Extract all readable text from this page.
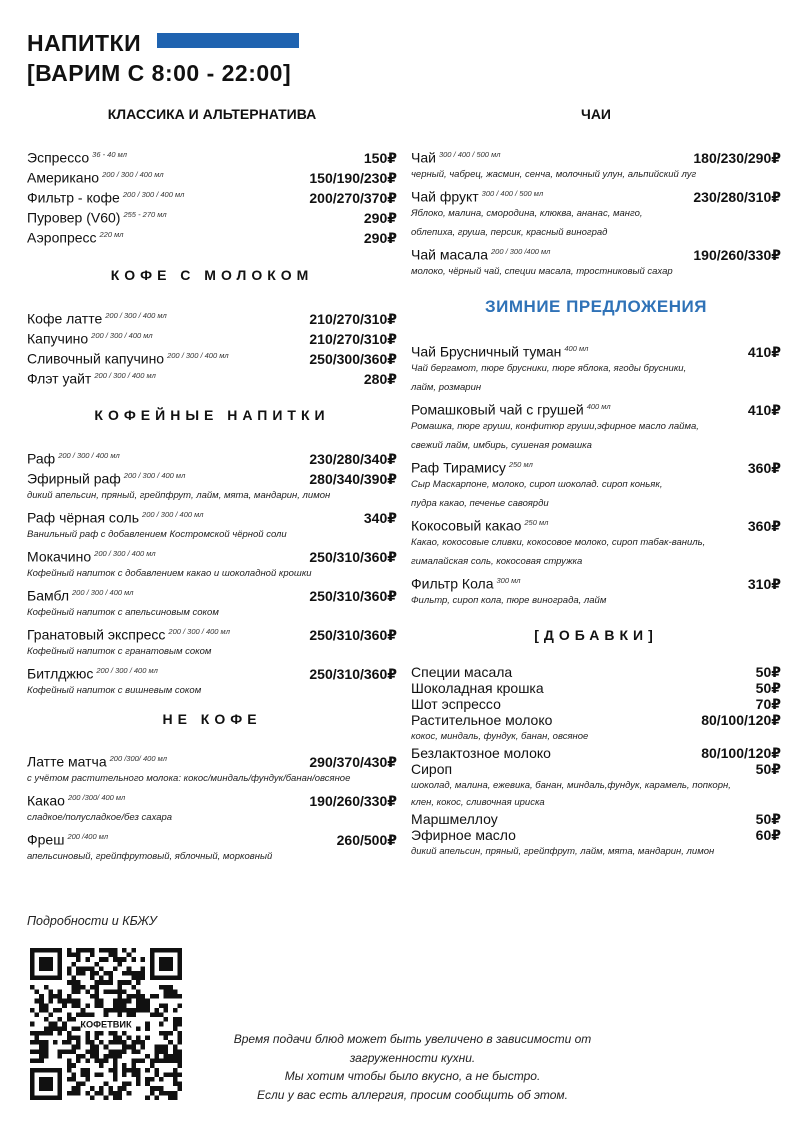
НАПИТКИ
[ВАРИМ С 8:00 - 22:00]
КЛАССИКА И АЛЬТЕРНАТИВА
Эспрессо $^{36 - 40 мл}$	150₽
Американо $^{200 / 300 / 400 мл}$	150/190/230₽
Фильтр - кофе $^{200 / 300 / 400 мл}$	200/270/370₽
Пуровер (V60) $^{255 - 270 мл}$	290₽
Аэропресс $^{220 мл}$	290₽
КОФЕ С МОЛОКОМ
Кофе латте $^{200 / 300 / 400 мл}$	210/270/310₽
Капучино $^{200 / 300 / 400 мл}$	210/270/310₽
Сливочный капучино $^{200 / 300 / 400 мл}$	250/300/360₽
Флэт уайт $^{200 / 300 / 400 мл}$	280₽
КОФЕЙНЫЕ НАПИТКИ
Раф $^{200 / 300 / 400 мл}$	230/280/340₽
Эфирный раф $^{200 / 300 / 400 мл}$	280/340/390₽
дикий апельсин, пряный, грейпфрут, лайм, мята, мандарин, лимон
Раф чёрная соль $^{200 / 300 / 400 мл}$	340₽
Ванильный раф с добавлением Костромской чёрной соли
Мокачино $^{200 / 300 / 400 мл}$	250/310/360₽
Кофейный напиток с добавлением какао и шоколадной крошки
Бамбл $^{200 / 300 / 400 мл}$	250/310/360₽
Кофейный напиток с апельсиновым соком
Гранатовый экспресс $^{200 / 300 / 400 мл}$	250/310/360₽
Кофейный напиток с гранатовым соком
Битлджюс $^{200 / 300 / 400 мл}$	250/310/360₽
Кофейный напиток с вишневым соком
НЕ КОФЕ
Латте матча $^{200 /300/ 400 мл}$	290/370/430₽
с учётом растительного молока: кокос/миндаль/фундук/банан/овсяное
Какао $^{200 /300/ 400 мл}$	190/260/330₽
сладкое/полусладкое/без сахара
Фреш $^{200 /400 мл}$	260/500₽
апельсиновый, грейпфрутовый, яблочный, морковный
ЧАИ
Чай $^{300 / 400 / 500 мл}$	180/230/290₽
черный, чабрец, жасмин, сенча, молочный улун, альпийский луг
Чай фрукт $^{300 / 400 / 500 мл}$	230/280/310₽
Яблоко, малина, смородина, клюква, ананас, манго,
облепиха, груша, персик, красный виноград
Чай масала $^{200 / 300 /400 мл}$	190/260/330₽
молоко, чёрный чай, специи масала, тростниковый сахар
ЗИМНИЕ ПРЕДЛОЖЕНИЯ
Чай Брусничный туман $^{400 мл}$	410₽
Чай бергамот, пюре брусники, пюре яблока, ягоды брусники,
лайм, розмарин
Ромашковый чай с грушей $^{400 мл}$	410₽
Ромашка, пюре груши, конфитюр груши,эфирное масло лайма,
свежий лайм, имбирь, сушеная ромашка
Раф Тирамису $^{250 мл}$	360₽
Сыр Маскарпоне, молоко, сироп шоколад. сироп коньяк,
пудра какао, печенье савоярди
Кокосовый какао $^{250 мл}$	360₽
Какао, кокосовые сливки, кокосовое молоко, сироп табак-ваниль,
гималайская соль, кокосовая стружка
Фильтр Кола $^{300 мл}$	310₽
Фильтр, сироп кола, пюре винограда, лайм
[ДОБАВКИ]
Специи масала	50₽
Шоколадная крошка	50₽
Шот эспрессо	70₽
Растительное молоко	80/100/120₽
кокос, миндаль, фундук, банан, овсяное
Безлактозное молоко	80/100/120₽
Сироп	50₽
шоколад, малина, ежевика, банан, миндаль,фундук, карамель, попкорн,
клен, кокос, сливочная ириска
Маршмеллоу	50₽
Эфирное масло	60₽
дикий апельсин, пряный, грейпфрут, лайм, мята, мандарин, лимон
Подробности и КБЖУ
КОФЕТВИК
Время подачи блюд может быть увеличено в зависимости от
загруженности кухни.
Мы хотим чтобы было вкусно, а не быстро.
Если у вас есть аллергия, просим сообщить об этом.
